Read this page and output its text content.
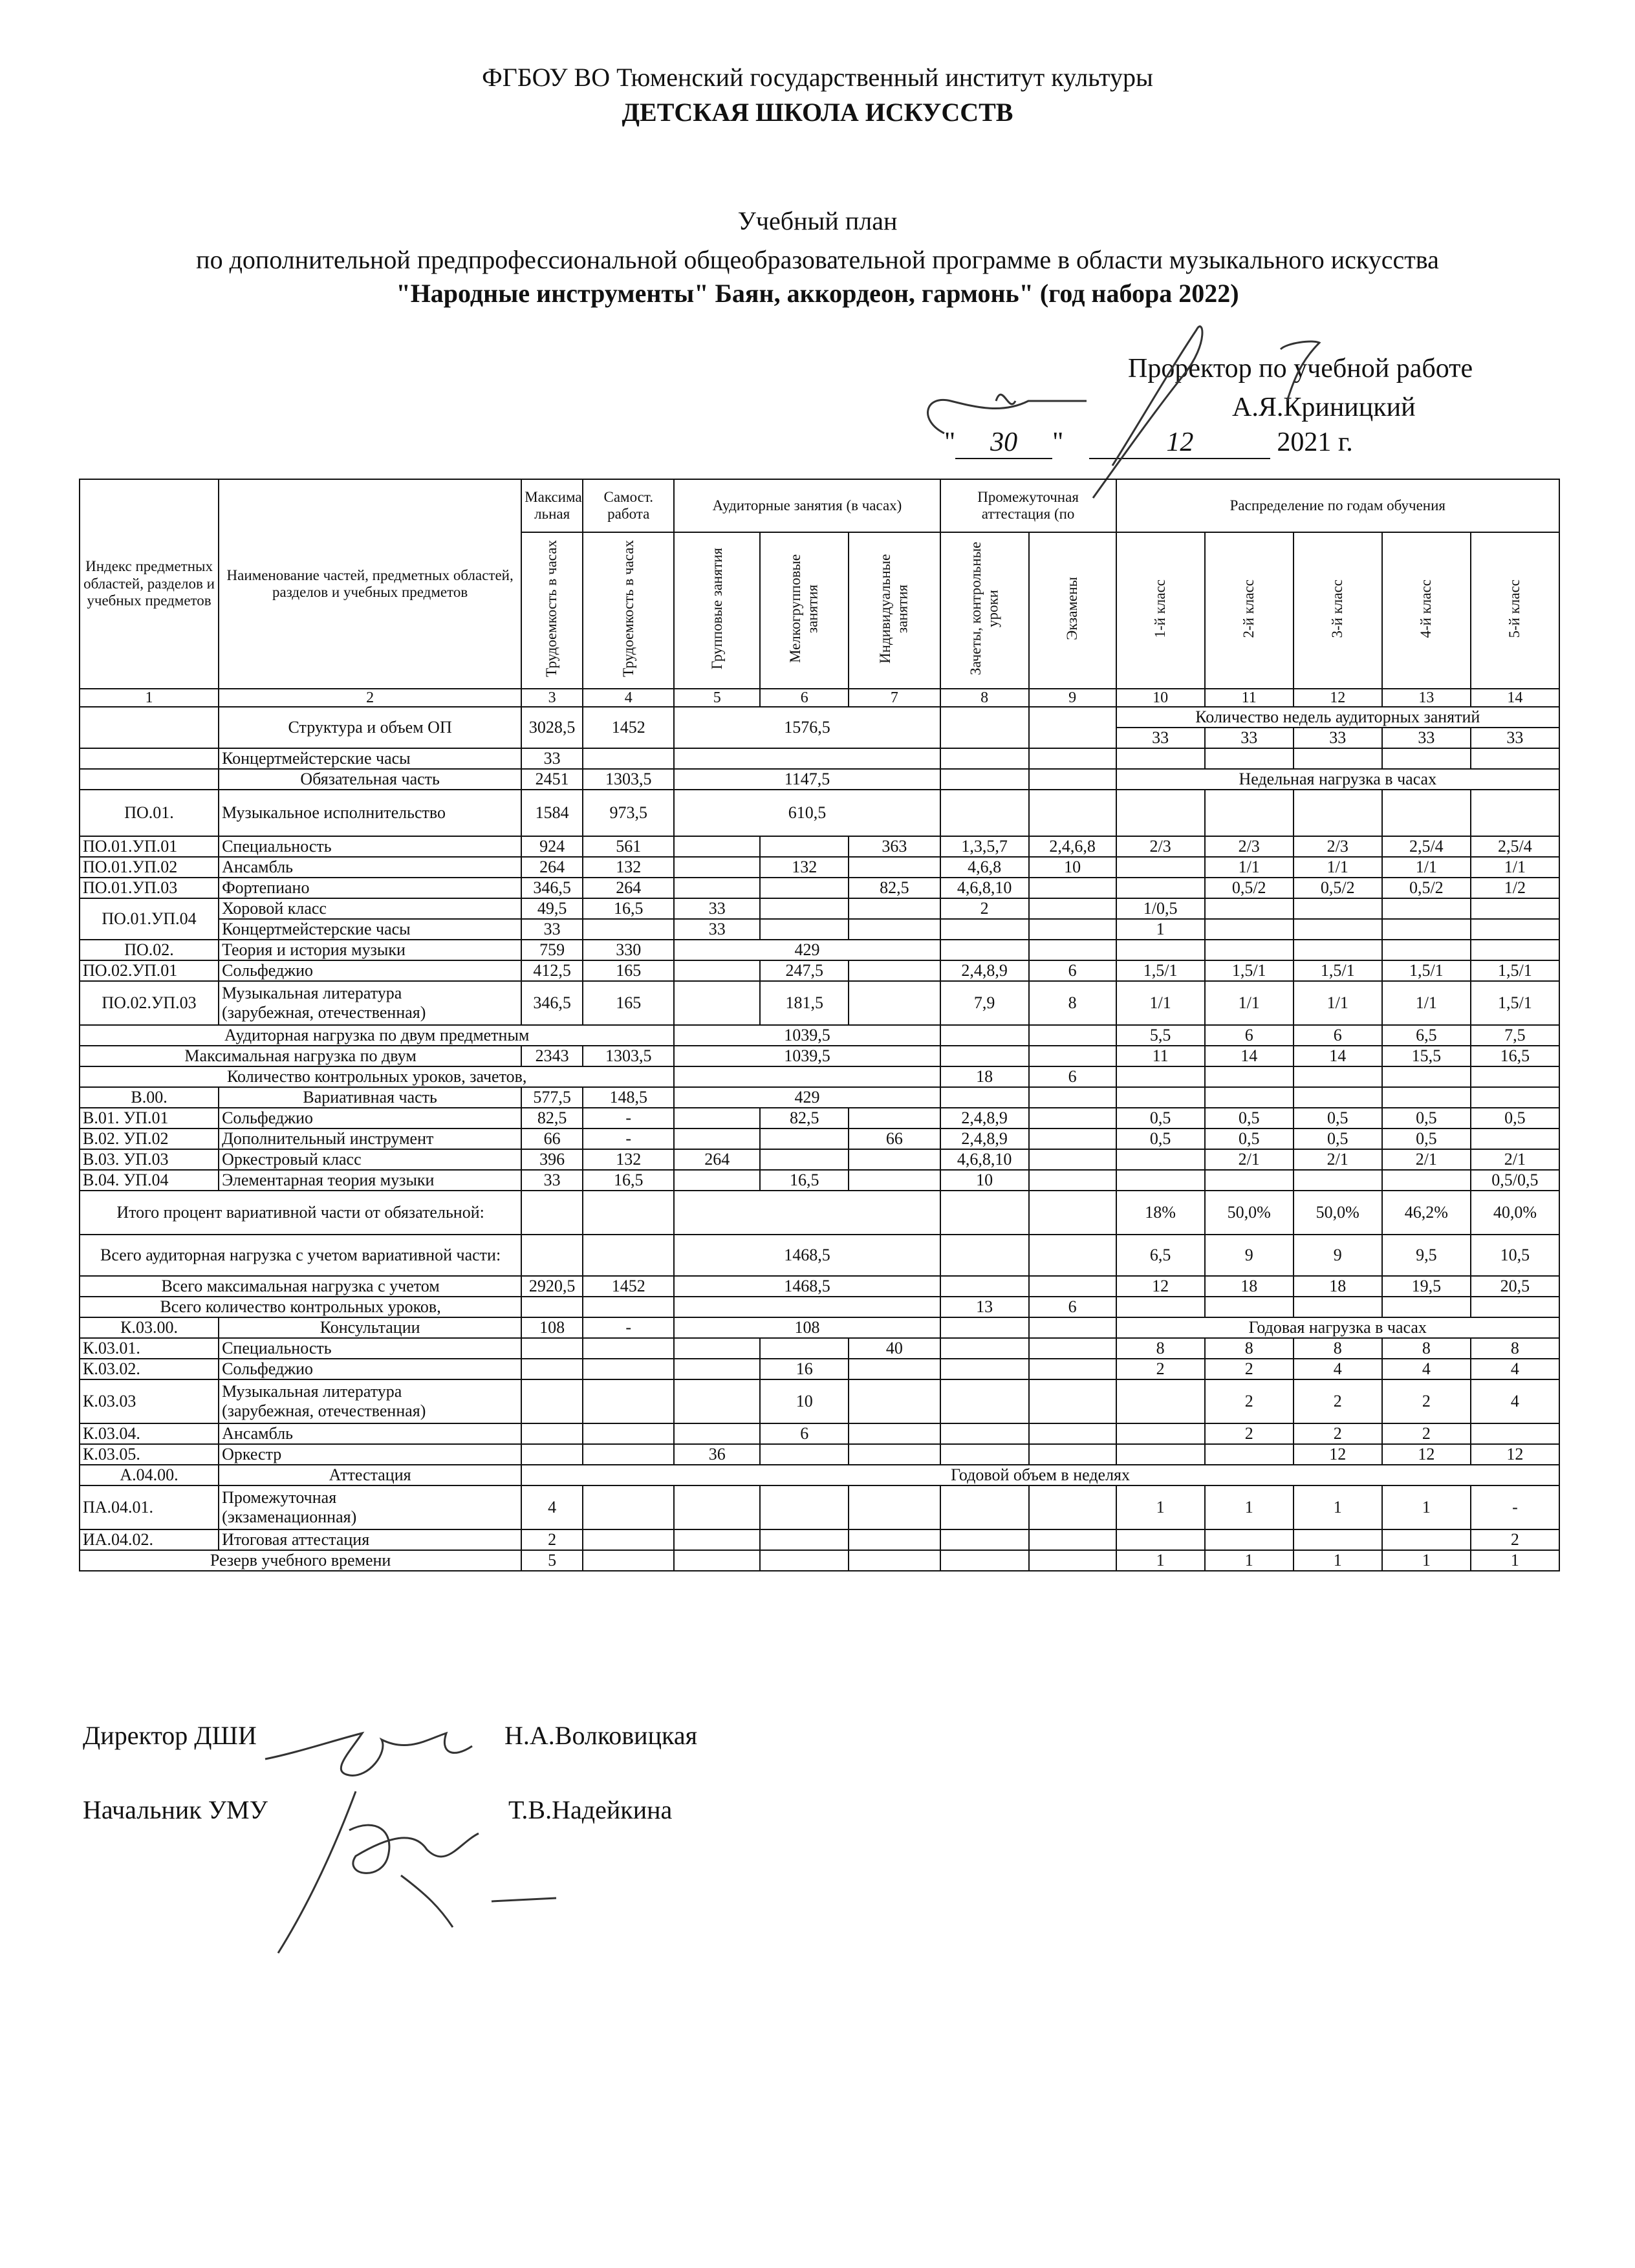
ФГБОУ ВО Тюменский государственный институт культуры
ДЕТСКАЯ ШКОЛА ИСКУССТВ
Учебный план
по дополнительной предпрофессиональной общеобразовательной программе в области музыкального искусства
"Народные инструменты" Баян, аккордеон, гармонь" (год набора 2022)
Проректор по учебной работе
А.Я.Криницкий
" 30 "	12	2021 г.
Индекс предметных областей, разделов и учебных предметов	Наименование частей, предметных областей, разделов и учебных предметов	Максима льная	Самост. работа	Аудиторные занятия (в часах)			Промежуточная аттестация (по		Распределение по годам обучения				
		Трудоемкость в часах	Трудоемкость в часах	Групповые занятия	Мелкогрупповые занятия	Индивидуальные занятия	Зачеты, контрольные уроки	Экзамены	1-й класс	2-й класс	3-й класс	4-й класс	5-й класс
1	2	3	4	5	6	7	8	9	10	11	12	13	14
	Структура и объем ОП	3028,5	1452	1576,5					Количество недель аудиторных занятий				
									33	33	33	33	33
	Концертмейстерские часы	33											
	Обязательная часть	2451	1303,5	1147,5					Недельная нагрузка в часах				
ПО.01.	Музыкальное исполнительство	1584	973,5	610,5									
ПО.01.УП.01	Специальность	924	561			363	1,3,5,7	2,4,6,8	2/3	2/3	2/3	2,5/4	2,5/4
ПО.01.УП.02	Ансамбль	264	132		132		4,6,8	10		1/1	1/1	1/1	1/1
ПО.01.УП.03	Фортепиано	346,5	264			82,5	4,6,8,10			0,5/2	0,5/2	0,5/2	1/2
ПО.01.УП.04	Хоровой класс	49,5	16,5	33			2		1/0,5				
	Концертмейстерские часы	33		33					1				
ПО.02.	Теория и история музыки	759	330	429									
ПО.02.УП.01	Сольфеджио	412,5	165		247,5		2,4,8,9	6	1,5/1	1,5/1	1,5/1	1,5/1	1,5/1
ПО.02.УП.03	Музыкальная литература
(зарубежная, отечественная)	346,5	165		181,5		7,9	8	1/1	1/1	1/1	1/1	1,5/1
Аудиторная нагрузка по двум предметным				1039,5					5,5	6	6	6,5	7,5
Максимальная нагрузка по двум		2343	1303,5	1039,5					11	14	14	15,5	16,5
Количество контрольных уроков, зачетов,							18	6					
В.00.	Вариативная часть	577,5	148,5	429									
В.01. УП.01	Сольфеджио	82,5	-		82,5		2,4,8,9		0,5	0,5	0,5	0,5	0,5
В.02. УП.02	Дополнительный инструмент	66	-			66	2,4,8,9		0,5	0,5	0,5	0,5	
В.03. УП.03	Оркестровый класс	396	132	264			4,6,8,10			2/1	2/1	2/1	2/1
В.04. УП.04	Элементарная теория музыки	33	16,5		16,5		10						0,5/0,5
Итого процент вариативной части от обязательной:									18%	50,0%	50,0%	46,2%	40,0%
Всего аудиторная нагрузка с учетом вариативной части:				1468,5					6,5	9	9	9,5	10,5
Всего максимальная нагрузка с учетом		2920,5	1452	1468,5					12	18	18	19,5	20,5
Всего количество контрольных уроков,							13	6					
К.03.00.	Консультации	108	-	108					Годовая нагрузка в часах				
К.03.01.	Специальность					40			8	8	8	8	8
К.03.02.	Сольфеджио				16				2	2	4	4	4
К.03.03	Музыкальная литература
(зарубежная, отечественная)				10					2	2	2	4
К.03.04.	Ансамбль				6					2	2	2	
К.03.05.	Оркестр			36							12	12	12
А.04.00.	Аттестация	Годовой объем в неделях											
ПА.04.01.	Промежуточная
(экзаменационная)	4							1	1	1	1	-
ИА.04.02.	Итоговая аттестация	2											2
Резерв учебного времени		5							1	1	1	1	1
Директор ДШИ	Н.А.Волковицкая
Начальник УМУ	Т.В.Надейкина
